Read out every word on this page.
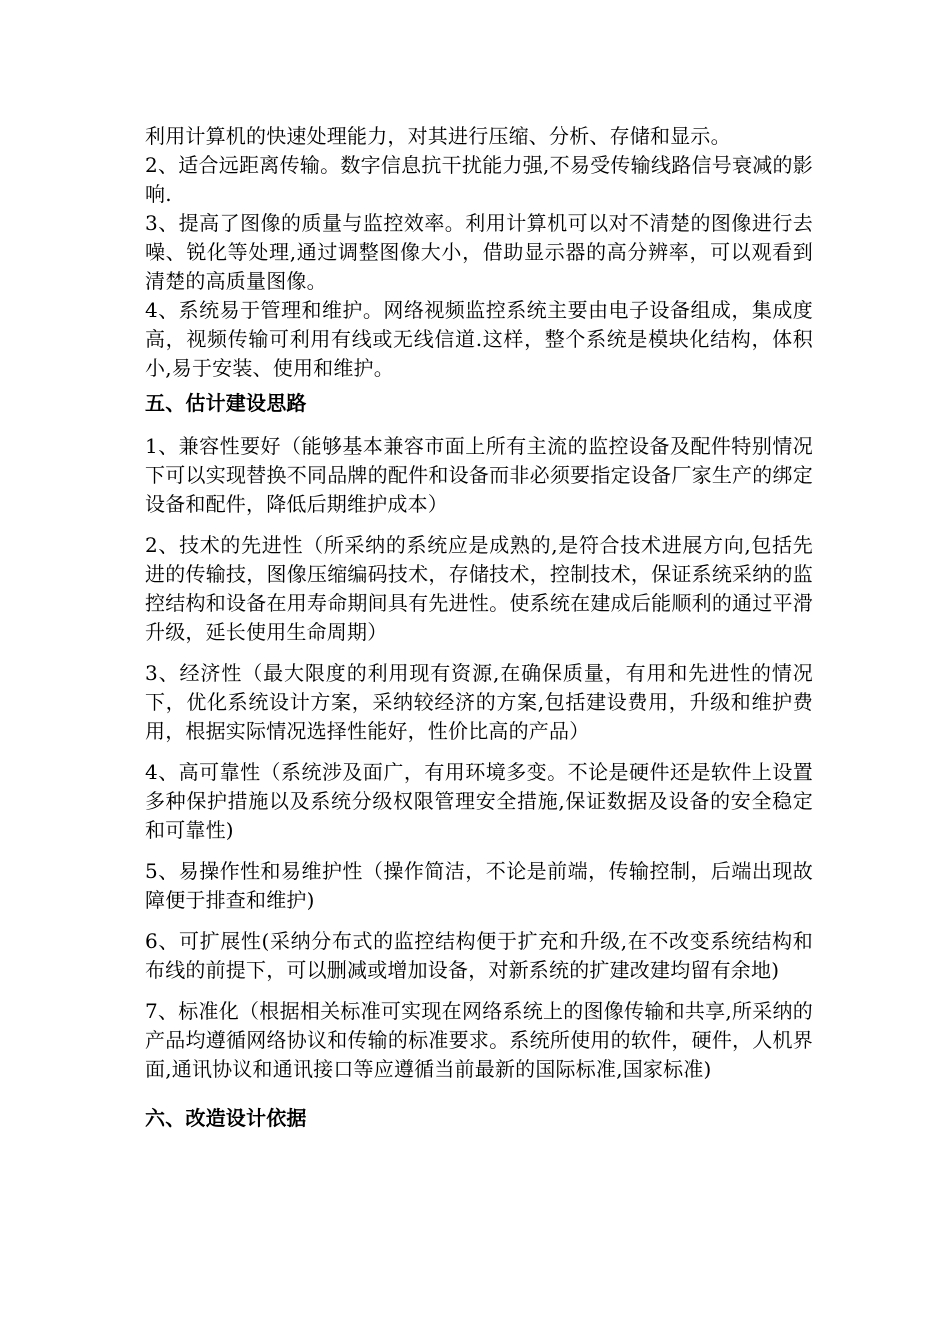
利用计算机的快速处理能力，对其进行压缩、分析、存储和显示。

2、适合远距离传输。数字信息抗干扰能力强,不易受传输线路信号衰减的影响.

3、提高了图像的质量与监控效率。利用计算机可以对不清楚的图像进行去噪、锐化等处理,通过调整图像大小，借助显示器的高分辨率，可以观看到清楚的高质量图像。

4、系统易于管理和维护。网络视频监控系统主要由电子设备组成，集成度高，视频传输可利用有线或无线信道.这样，整个系统是模块化结构，体积小,易于安装、使用和维护。

五、估计建设思路

1、兼容性要好（能够基本兼容市面上所有主流的监控设备及配件特别情况下可以实现替换不同品牌的配件和设备而非必须要指定设备厂家生产的绑定设备和配件，降低后期维护成本）

2、技术的先进性（所采纳的系统应是成熟的,是符合技术进展方向,包括先进的传输技，图像压缩编码技术，存储技术，控制技术，保证系统采纳的监控结构和设备在用寿命期间具有先进性。使系统在建成后能顺利的通过平滑升级，延长使用生命周期）

3、经济性（最大限度的利用现有资源,在确保质量，有用和先进性的情况下，优化系统设计方案，采纳较经济的方案,包括建设费用，升级和维护费用，根据实际情况选择性能好，性价比高的产品）

4、高可靠性（系统涉及面广，有用环境多变。不论是硬件还是软件上设置多种保护措施以及系统分级权限管理安全措施,保证数据及设备的安全稳定和可靠性)

5、易操作性和易维护性（操作简洁，不论是前端，传输控制，后端出现故障便于排查和维护)

6、可扩展性(采纳分布式的监控结构便于扩充和升级,在不改变系统结构和布线的前提下，可以删减或增加设备，对新系统的扩建改建均留有余地)

7、标准化（根据相关标准可实现在网络系统上的图像传输和共享,所采纳的产品均遵循网络协议和传输的标准要求。系统所使用的软件，硬件，人机界面,通讯协议和通讯接口等应遵循当前最新的国际标准,国家标准)

六、改造设计依据
